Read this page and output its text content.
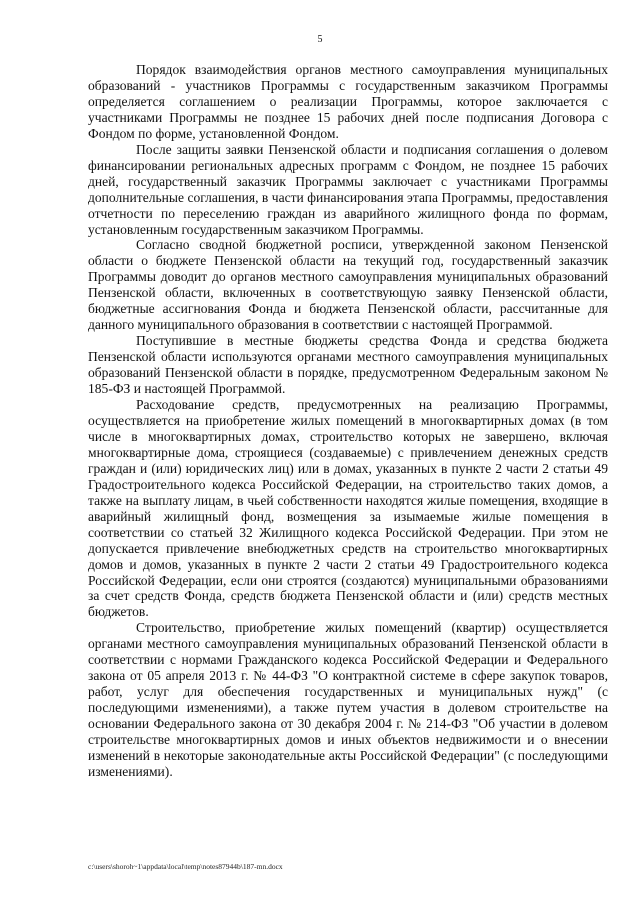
5

Порядок взаимодействия органов местного самоуправления муниципальных образований - участников Программы с государственным заказчиком Программы определяется соглашением о реализации Программы, которое заключается с участниками Программы не позднее 15 рабочих дней после подписания Договора с Фондом по форме, установленной Фондом.

После защиты заявки Пензенской области и подписания соглашения о долевом финансировании региональных адресных программ с Фондом, не позднее 15 рабочих дней, государственный заказчик Программы заключает с участниками Программы дополнительные соглашения, в части финансирования этапа Программы, предоставления отчетности по переселению граждан из аварийного жилищного фонда по формам, установленным государственным заказчиком Программы.

Согласно сводной бюджетной росписи, утвержденной законом Пензенской области о бюджете Пензенской области на текущий год, государственный заказчик Программы доводит до органов местного самоуправления муниципальных образований Пензенской области, включенных в соответствующую заявку Пензенской области, бюджетные ассигнования Фонда и бюджета Пензенской области, рассчитанные для данного муниципального образования в соответствии с настоящей Программой.

Поступившие в местные бюджеты средства Фонда и средства бюджета Пензенской области используются органами местного самоуправления муниципальных образований Пензенской области в порядке, предусмотренном Федеральным законом № 185-ФЗ и настоящей Программой.

Расходование средств, предусмотренных на реализацию Программы, осуществляется на приобретение жилых помещений в многоквартирных домах (в том числе в многоквартирных домах, строительство которых не завершено, включая многоквартирные дома, строящиеся (создаваемые) с привлечением денежных средств граждан и (или) юридических лиц) или в домах, указанных в пункте 2 части 2 статьи 49 Градостроительного кодекса Российской Федерации, на строительство таких домов, а также на выплату лицам, в чьей собственности находятся жилые помещения, входящие в аварийный жилищный фонд, возмещения за изымаемые жилые помещения в соответствии со статьей 32 Жилищного кодекса Российской Федерации. При этом не допускается привлечение внебюджетных средств на строительство многоквартирных домов и домов, указанных в пункте 2 части 2 статьи 49 Градостроительного кодекса Российской Федерации, если они строятся (создаются) муниципальными образованиями за счет средств Фонда, средств бюджета Пензенской области и (или) средств местных бюджетов.

Строительство, приобретение жилых помещений (квартир) осуществляется органами местного самоуправления муниципальных образований Пензенской области в соответствии с нормами Гражданского кодекса Российской Федерации и Федерального закона от 05 апреля 2013 г. № 44-ФЗ "О контрактной системе в сфере закупок товаров, работ, услуг для обеспечения государственных и муниципальных нужд" (с последующими изменениями), а также путем участия в долевом строительстве на основании Федерального закона от 30 декабря 2004 г. № 214-ФЗ "Об участии в долевом строительстве многоквартирных домов и иных объектов недвижимости и о внесении изменений в некоторые законодательные акты Российской Федерации" (с последующими изменениями).

c:\users\shoroh~1\appdata\local\temp\notes87944b\187-mn.docx
